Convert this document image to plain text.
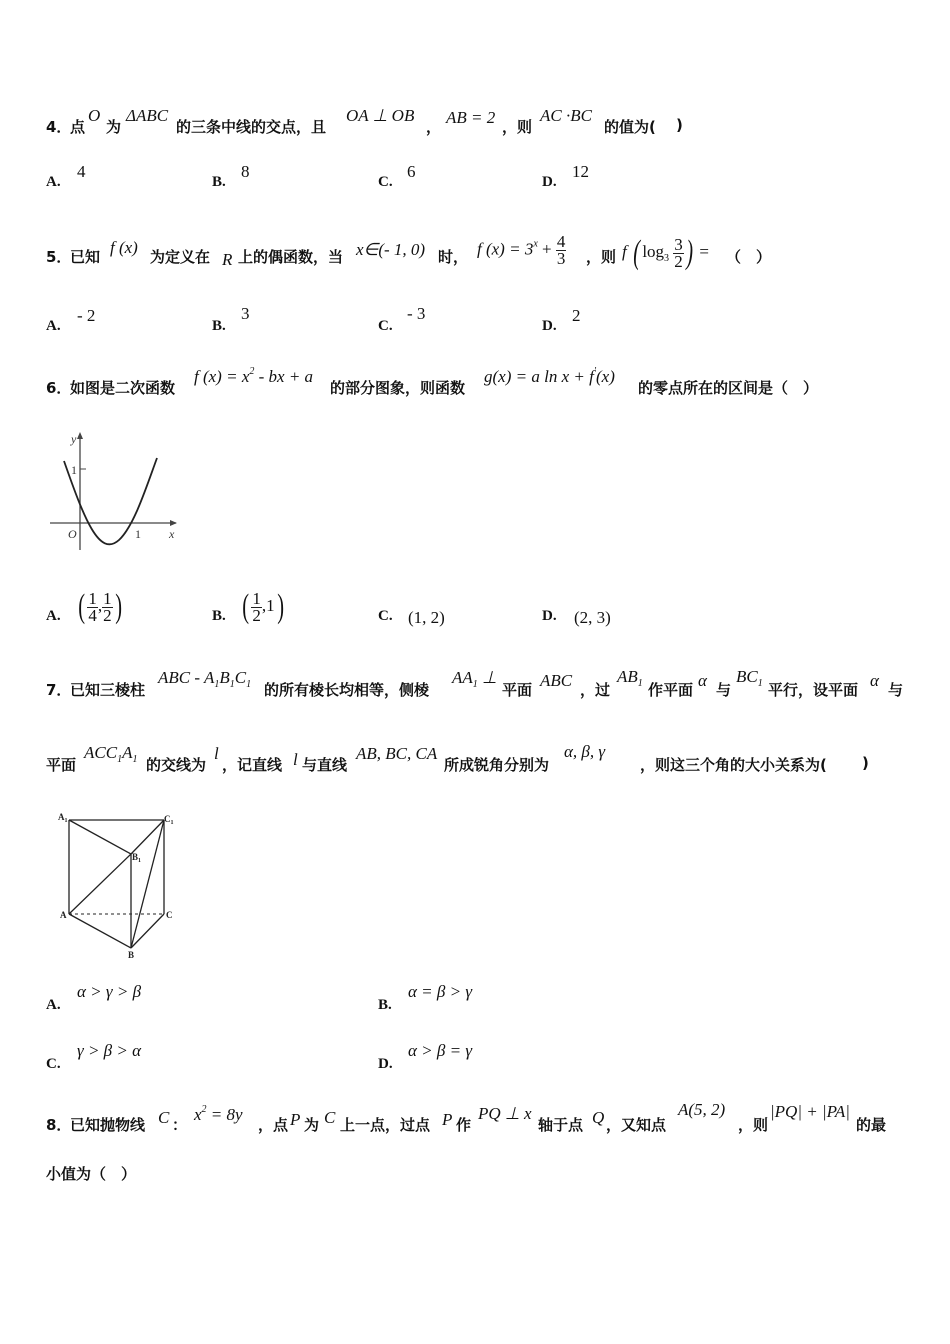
4．
点
O
为
ΔABC
的三条中线的交点，且
OA ⊥ OB
， AB = 2 ，则
AC ·BC
的值为( )
A.
4
B.
8
C.
6
D.
12
5．
已知 f (x) 为定义在 R 上的偶函数，当 x∈(- 1, 0) 时， f $(x) = 3^x + \frac{4}{3}$ ，则 f ( $\log_3 \frac{3}{2}$ ) = （　）
A.
- 2
B.
3
C.
- 3
D.
2
6．
如图是二次函数
f $(x) = x^2$ - bx + a
的部分图象，则函数
g(x) = a ln x + f′(x)
的零点所在的区间是（　）
y
1
O	1 x
A. ( $\frac{1}{4}$ , $\frac{1}{2}$ )	B. ( $\frac{1}{2} ,1$)	C. (1, 2)	D. (2, 3)
7．
已知三棱柱
ABC - $A_1B_1C_1$ 的所有棱长均相等，侧棱
$AA_1$ ⊥
平面 ABC ，过
$AB_1$ 作平面 α 与
$BC_1$ 平行，设平面 α 与
平面
$ACC_1A_1$ 的交线为
l
，记直线 l 与直线
AB, BC, CA
所成锐角分别为
α, β, γ
，则这三个角的大小关系为( )
$A_1$	$C_1$
$B_1$
A	C
B
A.
α > γ > β
B.
α = β > γ
C.
γ > β > α
D.
α > β = γ
8．
已知抛物线 C ：
$x^2 = 8y$
，点 P 为 C 上一点，过点 P 作
PQ ⊥ x
轴于点 Q ，又知点
A(5, 2)
，则
|PQ| + |PA|
的最
小值为（　）
